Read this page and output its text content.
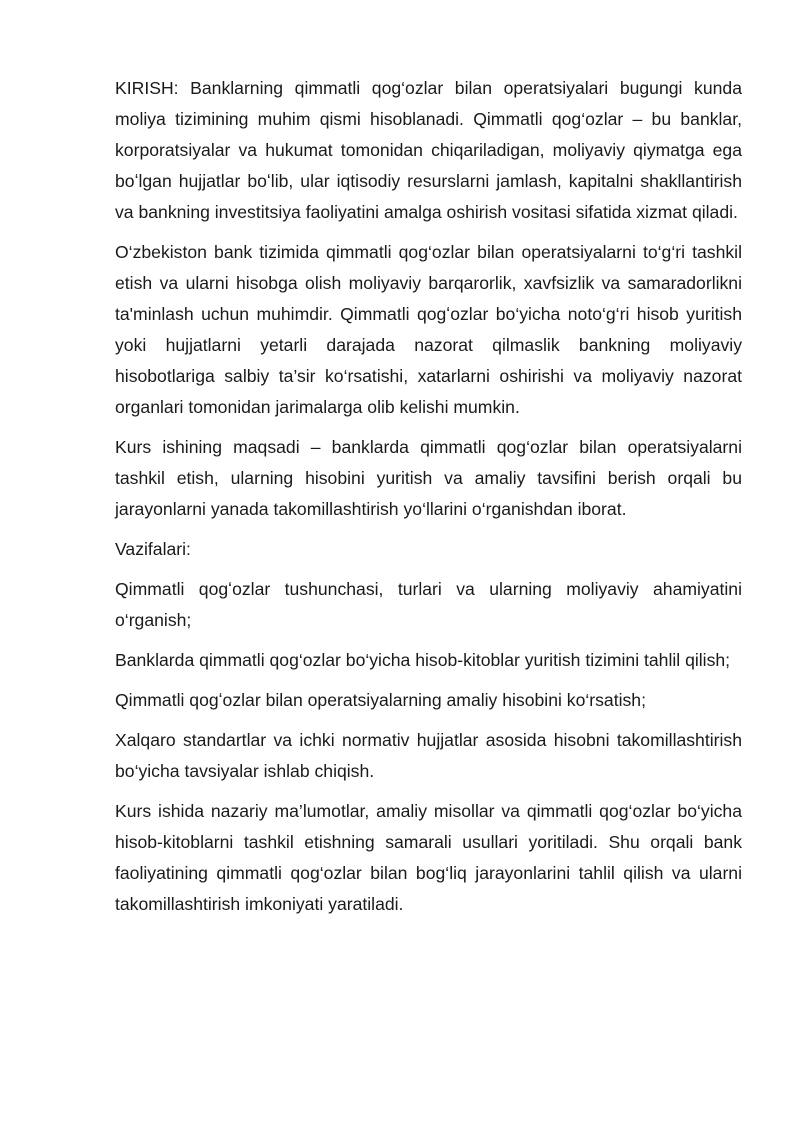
KIRISH: Banklarning qimmatli qog‘ozlar bilan operatsiyalari bugungi kunda moliya tizimining muhim qismi hisoblanadi. Qimmatli qog‘ozlar – bu banklar, korporatsiyalar va hukumat tomonidan chiqariladigan, moliyaviy qiymatga ega boʻlgan hujjatlar boʻlib, ular iqtisodiy resurslarni jamlash, kapitalni shakllantirish va bankning investitsiya faoliyatini amalga oshirish vositasi sifatida xizmat qiladi.

O‘zbekiston bank tizimida qimmatli qog‘ozlar bilan operatsiyalarni to‘g‘ri tashkil etish va ularni hisobga olish moliyaviy barqarorlik, xavfsizlik va samaradorlikni ta'minlash uchun muhimdir. Qimmatli qogʻozlar bo‘yicha noto‘g‘ri hisob yuritish yoki hujjatlarni yetarli darajada nazorat qilmaslik bankning moliyaviy hisobotlariga salbiy ta’sir ko‘rsatishi, xatarlarni oshirishi va moliyaviy nazorat organlari tomonidan jarimalarga olib kelishi mumkin.

Kurs ishining maqsadi – banklarda qimmatli qog‘ozlar bilan operatsiyalarni tashkil etish, ularning hisobini yuritish va amaliy tavsifini berish orqali bu jarayonlarni yanada takomillashtirish yo‘llarini o‘rganishdan iborat.

Vazifalari:

Qimmatli qogʻozlar tushunchasi, turlari va ularning moliyaviy ahamiyatini o‘rganish;

Banklarda qimmatli qog‘ozlar bo‘yicha hisob-kitoblar yuritish tizimini tahlil qilish;

Qimmatli qogʻozlar bilan operatsiyalarning amaliy hisobini ko‘rsatish;

Xalqaro standartlar va ichki normativ hujjatlar asosida hisobni takomillashtirish bo‘yicha tavsiyalar ishlab chiqish.

Kurs ishida nazariy ma’lumotlar, amaliy misollar va qimmatli qog‘ozlar bo‘yicha hisob-kitoblarni tashkil etishning samarali usullari yoritiladi. Shu orqali bank faoliyatining qimmatli qog‘ozlar bilan bog‘liq jarayonlarini tahlil qilish va ularni takomillashtirish imkoniyati yaratiladi.
